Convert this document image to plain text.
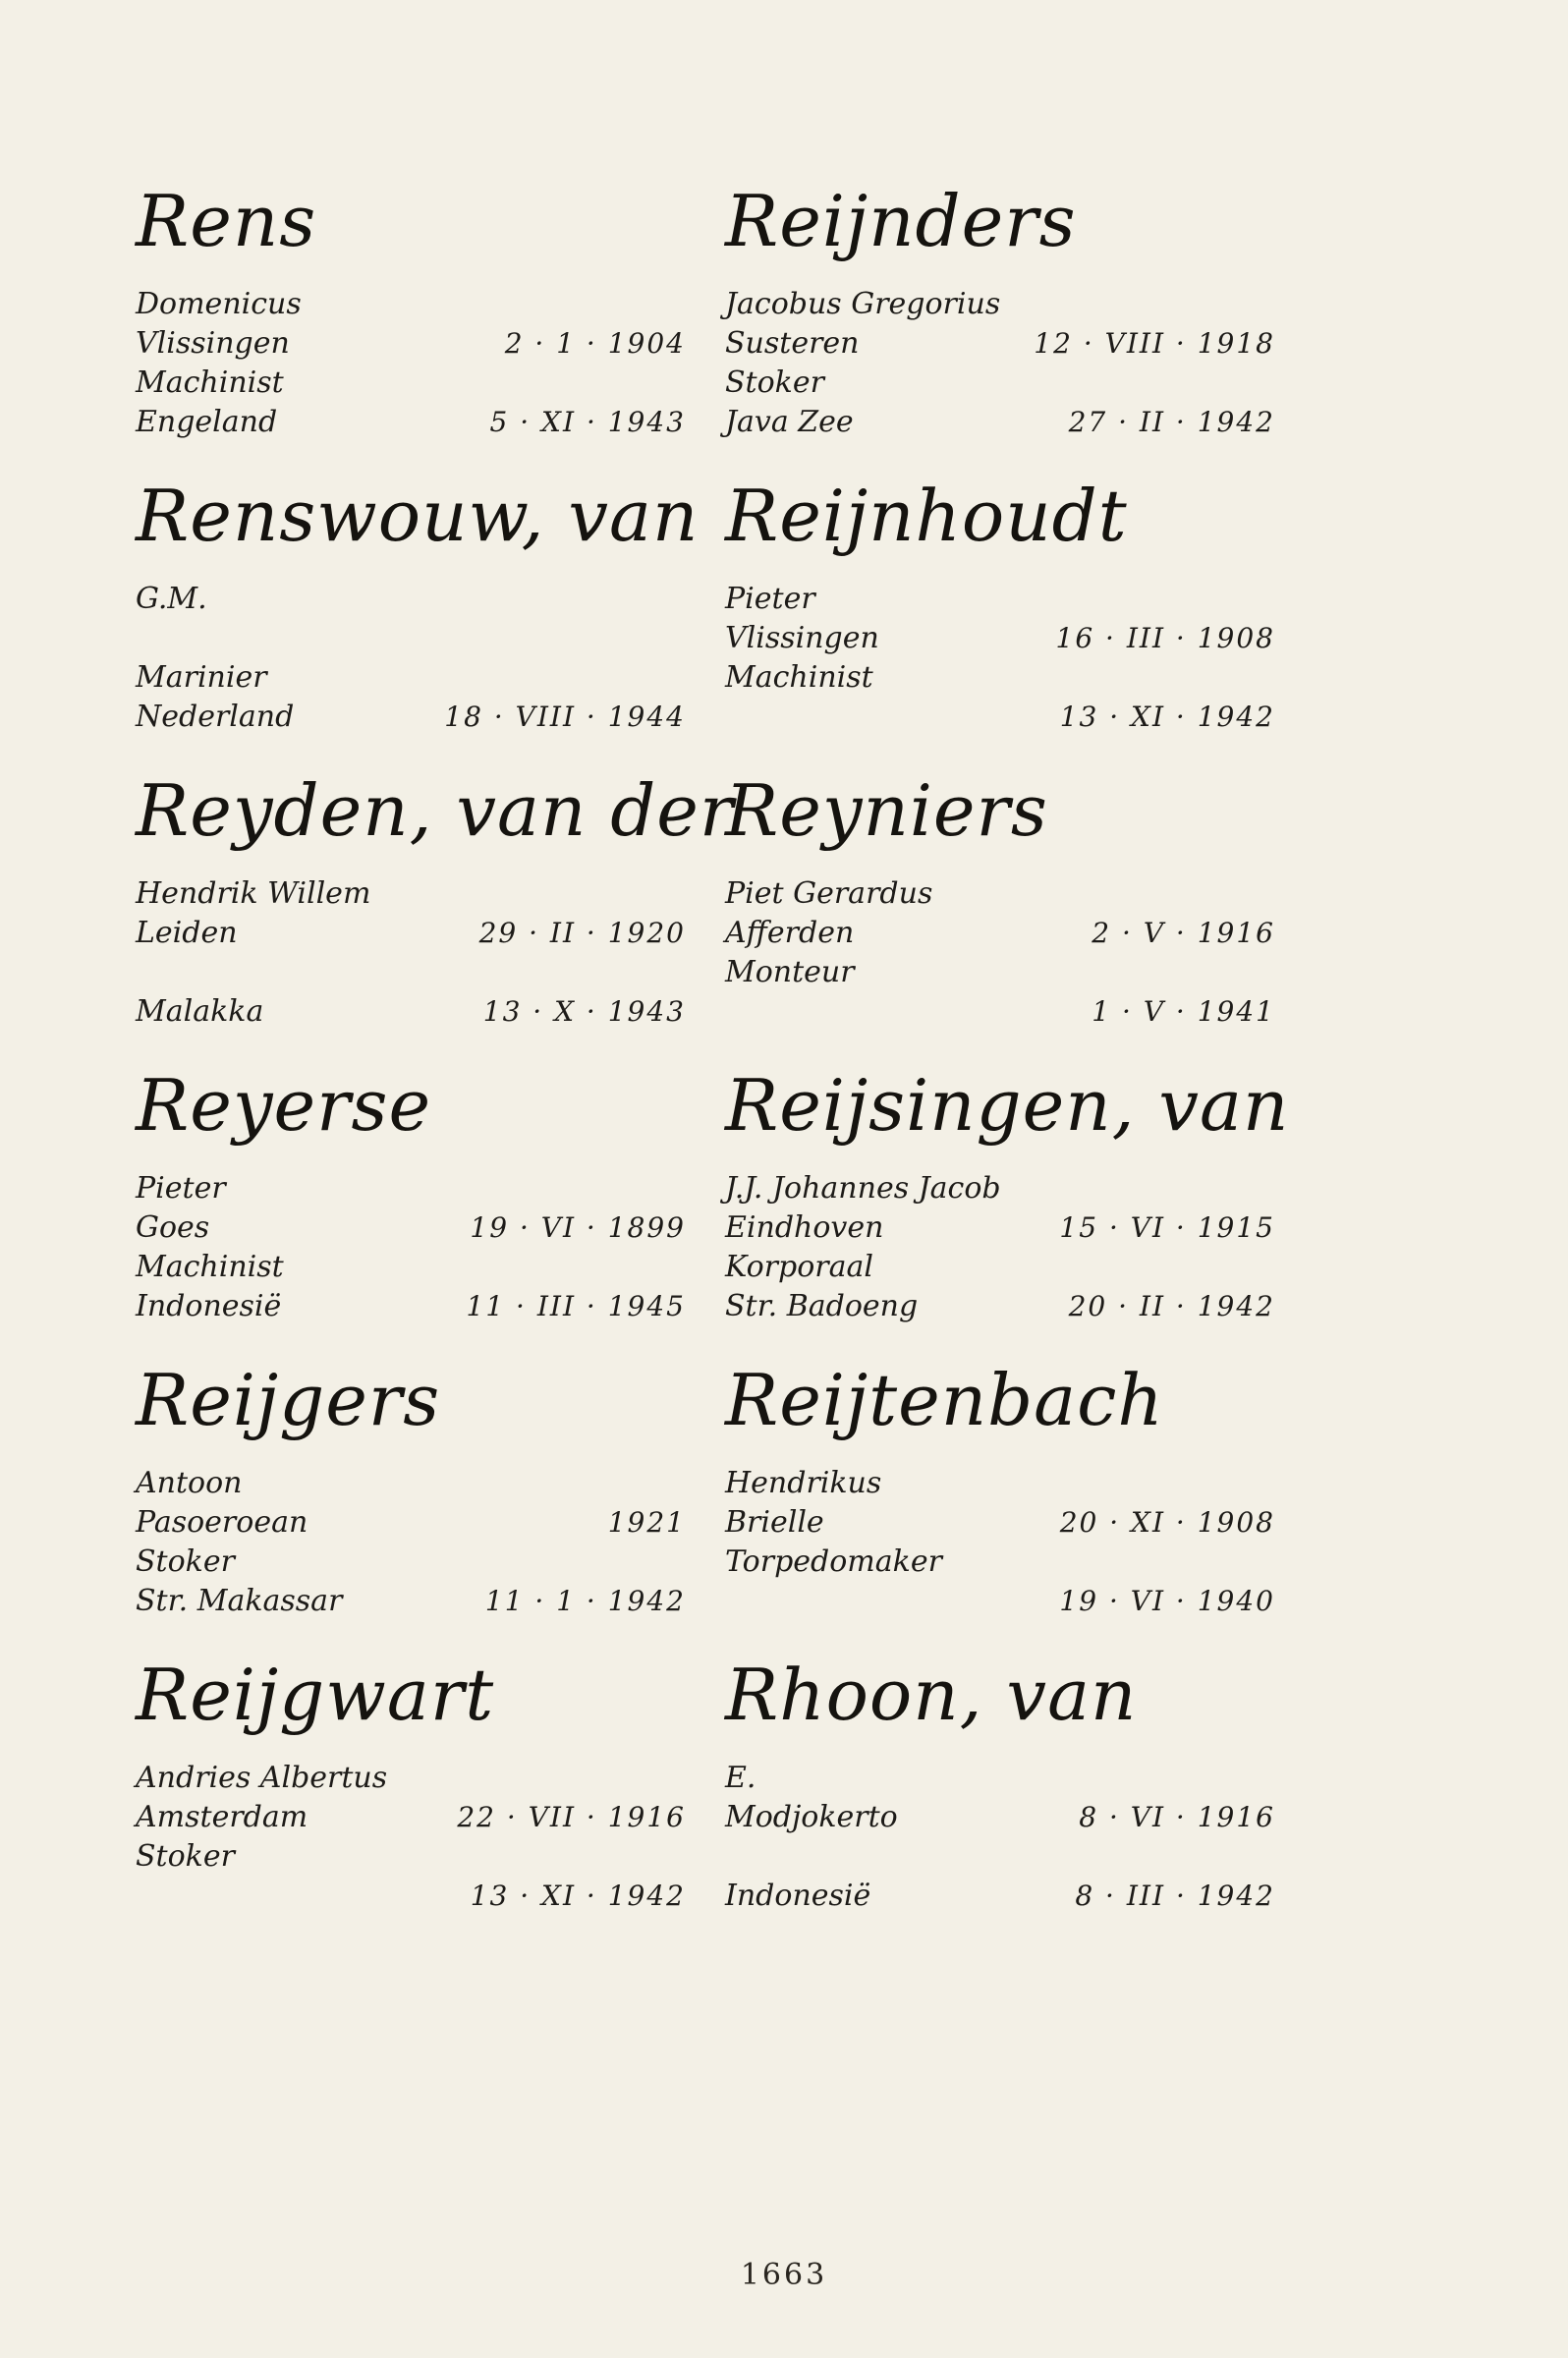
Rens
Domenicus
Vlissingen	2 · 1 · 1904
Machinist
Engeland	5 · XI · 1943
Renswouw, van
G.M.
Marinier
Nederland	18 · VIII · 1944
Reyden, van der
Hendrik Willem
Leiden	29 · II · 1920
Malakka	13 · X · 1943
Reyerse
Pieter
Goes	19 · VI · 1899
Machinist
Indonesië	11 · III · 1945
Reijgers
Antoon
Pasoeroean	1921
Stoker
Str. Makassar	11 · 1 · 1942
Reijgwart
Andries Albertus
Amsterdam	22 · VII · 1916
Stoker
13 · XI · 1942
Reijnders
Jacobus Gregorius
Susteren	12 · VIII · 1918
Stoker
Java Zee	27 · II · 1942
Reijnhoudt
Pieter
Vlissingen	16 · III · 1908
Machinist
13 · XI · 1942
Reyniers
Piet Gerardus
Afferden	2 · V · 1916
Monteur
1 · V · 1941
Reijsingen, van
J.J. Johannes Jacob
Eindhoven	15 · VI · 1915
Korporaal
Str. Badoeng	20 · II · 1942
Reijtenbach
Hendrikus
Brielle	20 · XI · 1908
Torpedomaker
19 · VI · 1940
Rhoon, van
E.
Modjokerto	8 · VI · 1916
Indonesië	8 · III · 1942
1663
